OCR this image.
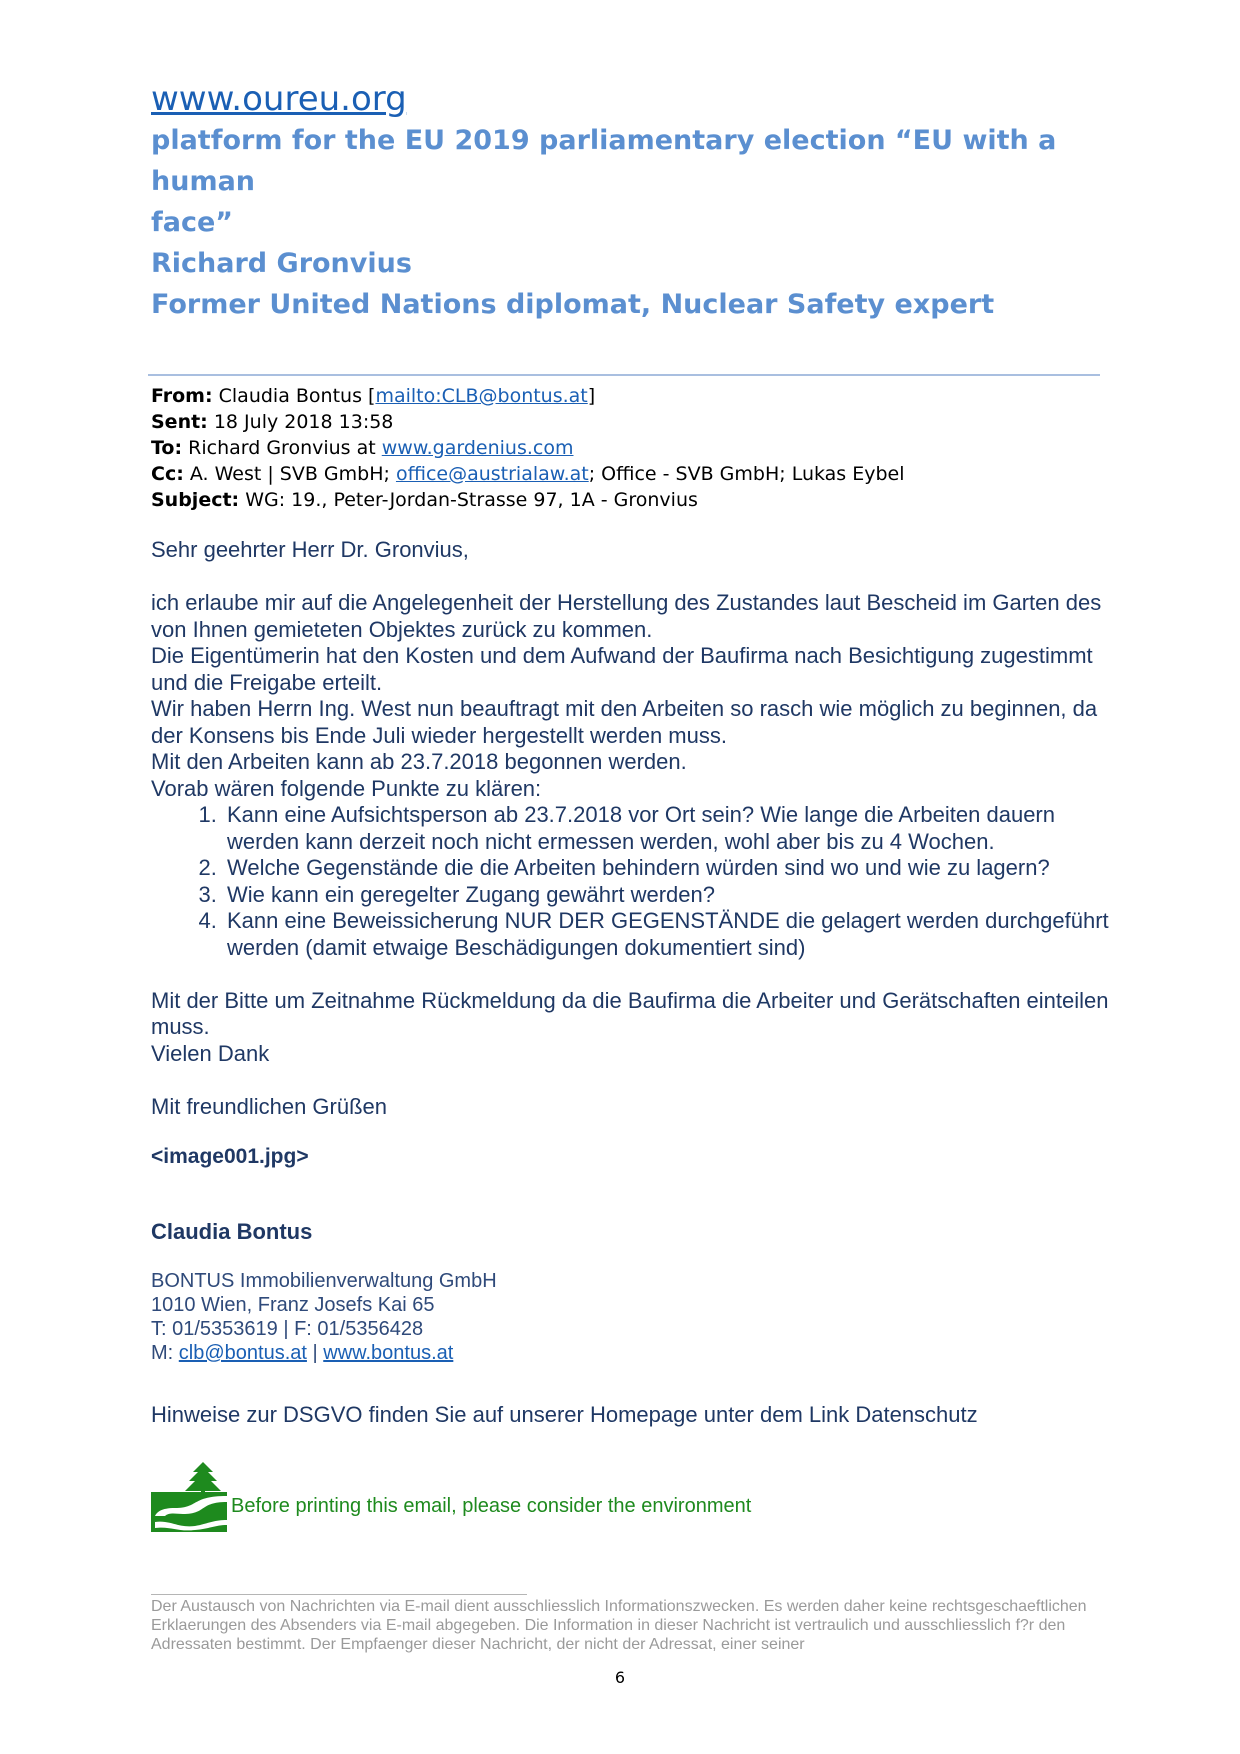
www.oureu.org
platform for the EU 2019 parliamentary election “EU with a human
face”
Richard Gronvius
Former United Nations diplomat, Nuclear Safety expert
From: Claudia Bontus [mailto:CLB@bontus.at]
Sent: 18 July 2018 13:58
To: Richard Gronvius at www.gardenius.com
Cc: A. West | SVB GmbH; office@austrialaw.at; Office - SVB GmbH; Lukas Eybel
Subject: WG: 19., Peter-Jordan-Strasse 97, 1A - Gronvius

Sehr geehrter Herr Dr. Gronvius,

ich erlaube mir auf die Angelegenheit der Herstellung des Zustandes laut Bescheid im Garten des von Ihnen gemieteten Objektes zurück zu kommen.

Die Eigentümerin hat den Kosten und dem Aufwand der Baufirma nach Besichtigung zugestimmt und die Freigabe erteilt.

Wir haben Herrn Ing. West nun beauftragt mit den Arbeiten so rasch wie möglich zu beginnen, da der Konsens bis Ende Juli wieder hergestellt werden muss.

Mit den Arbeiten kann ab 23.7.2018 begonnen werden.

Vorab wären folgende Punkte zu klären:

1. Kann eine Aufsichtsperson ab 23.7.2018 vor Ort sein? Wie lange die Arbeiten dauern werden kann derzeit noch nicht ermessen werden, wohl aber bis zu 4 Wochen.
2. Welche Gegenstände die die Arbeiten behindern würden sind wo und wie zu lagern?
3. Wie kann ein geregelter Zugang gewährt werden?
4. Kann eine Beweissicherung NUR DER GEGENSTÄNDE die gelagert werden durchgeführt werden (damit etwaige Beschädigungen dokumentiert sind)

Mit der Bitte um Zeitnahme Rückmeldung da die Baufirma die Arbeiter und Gerätschaften einteilen muss.

Vielen Dank

Mit freundlichen Grüßen

<image001.jpg>

Claudia Bontus

BONTUS Immobilienverwaltung GmbH
1010 Wien, Franz Josefs Kai 65
T: 01/5353619 | F: 01/5356428
M: clb@bontus.at | www.bontus.at
Hinweise zur DSGVO finden Sie auf unserer Homepage unter dem Link Datenschutz
Before printing this email, please consider the environment
Der Austausch von Nachrichten via E-mail dient ausschliesslich Informationszwecken. Es werden daher keine rechtsgeschaeftlichen Erklaerungen des Absenders via E-mail abgegeben. Die Information in dieser Nachricht ist vertraulich und ausschliesslich f?r den Adressaten bestimmt. Der Empfaenger dieser Nachricht, der nicht der Adressat, einer seiner
6
